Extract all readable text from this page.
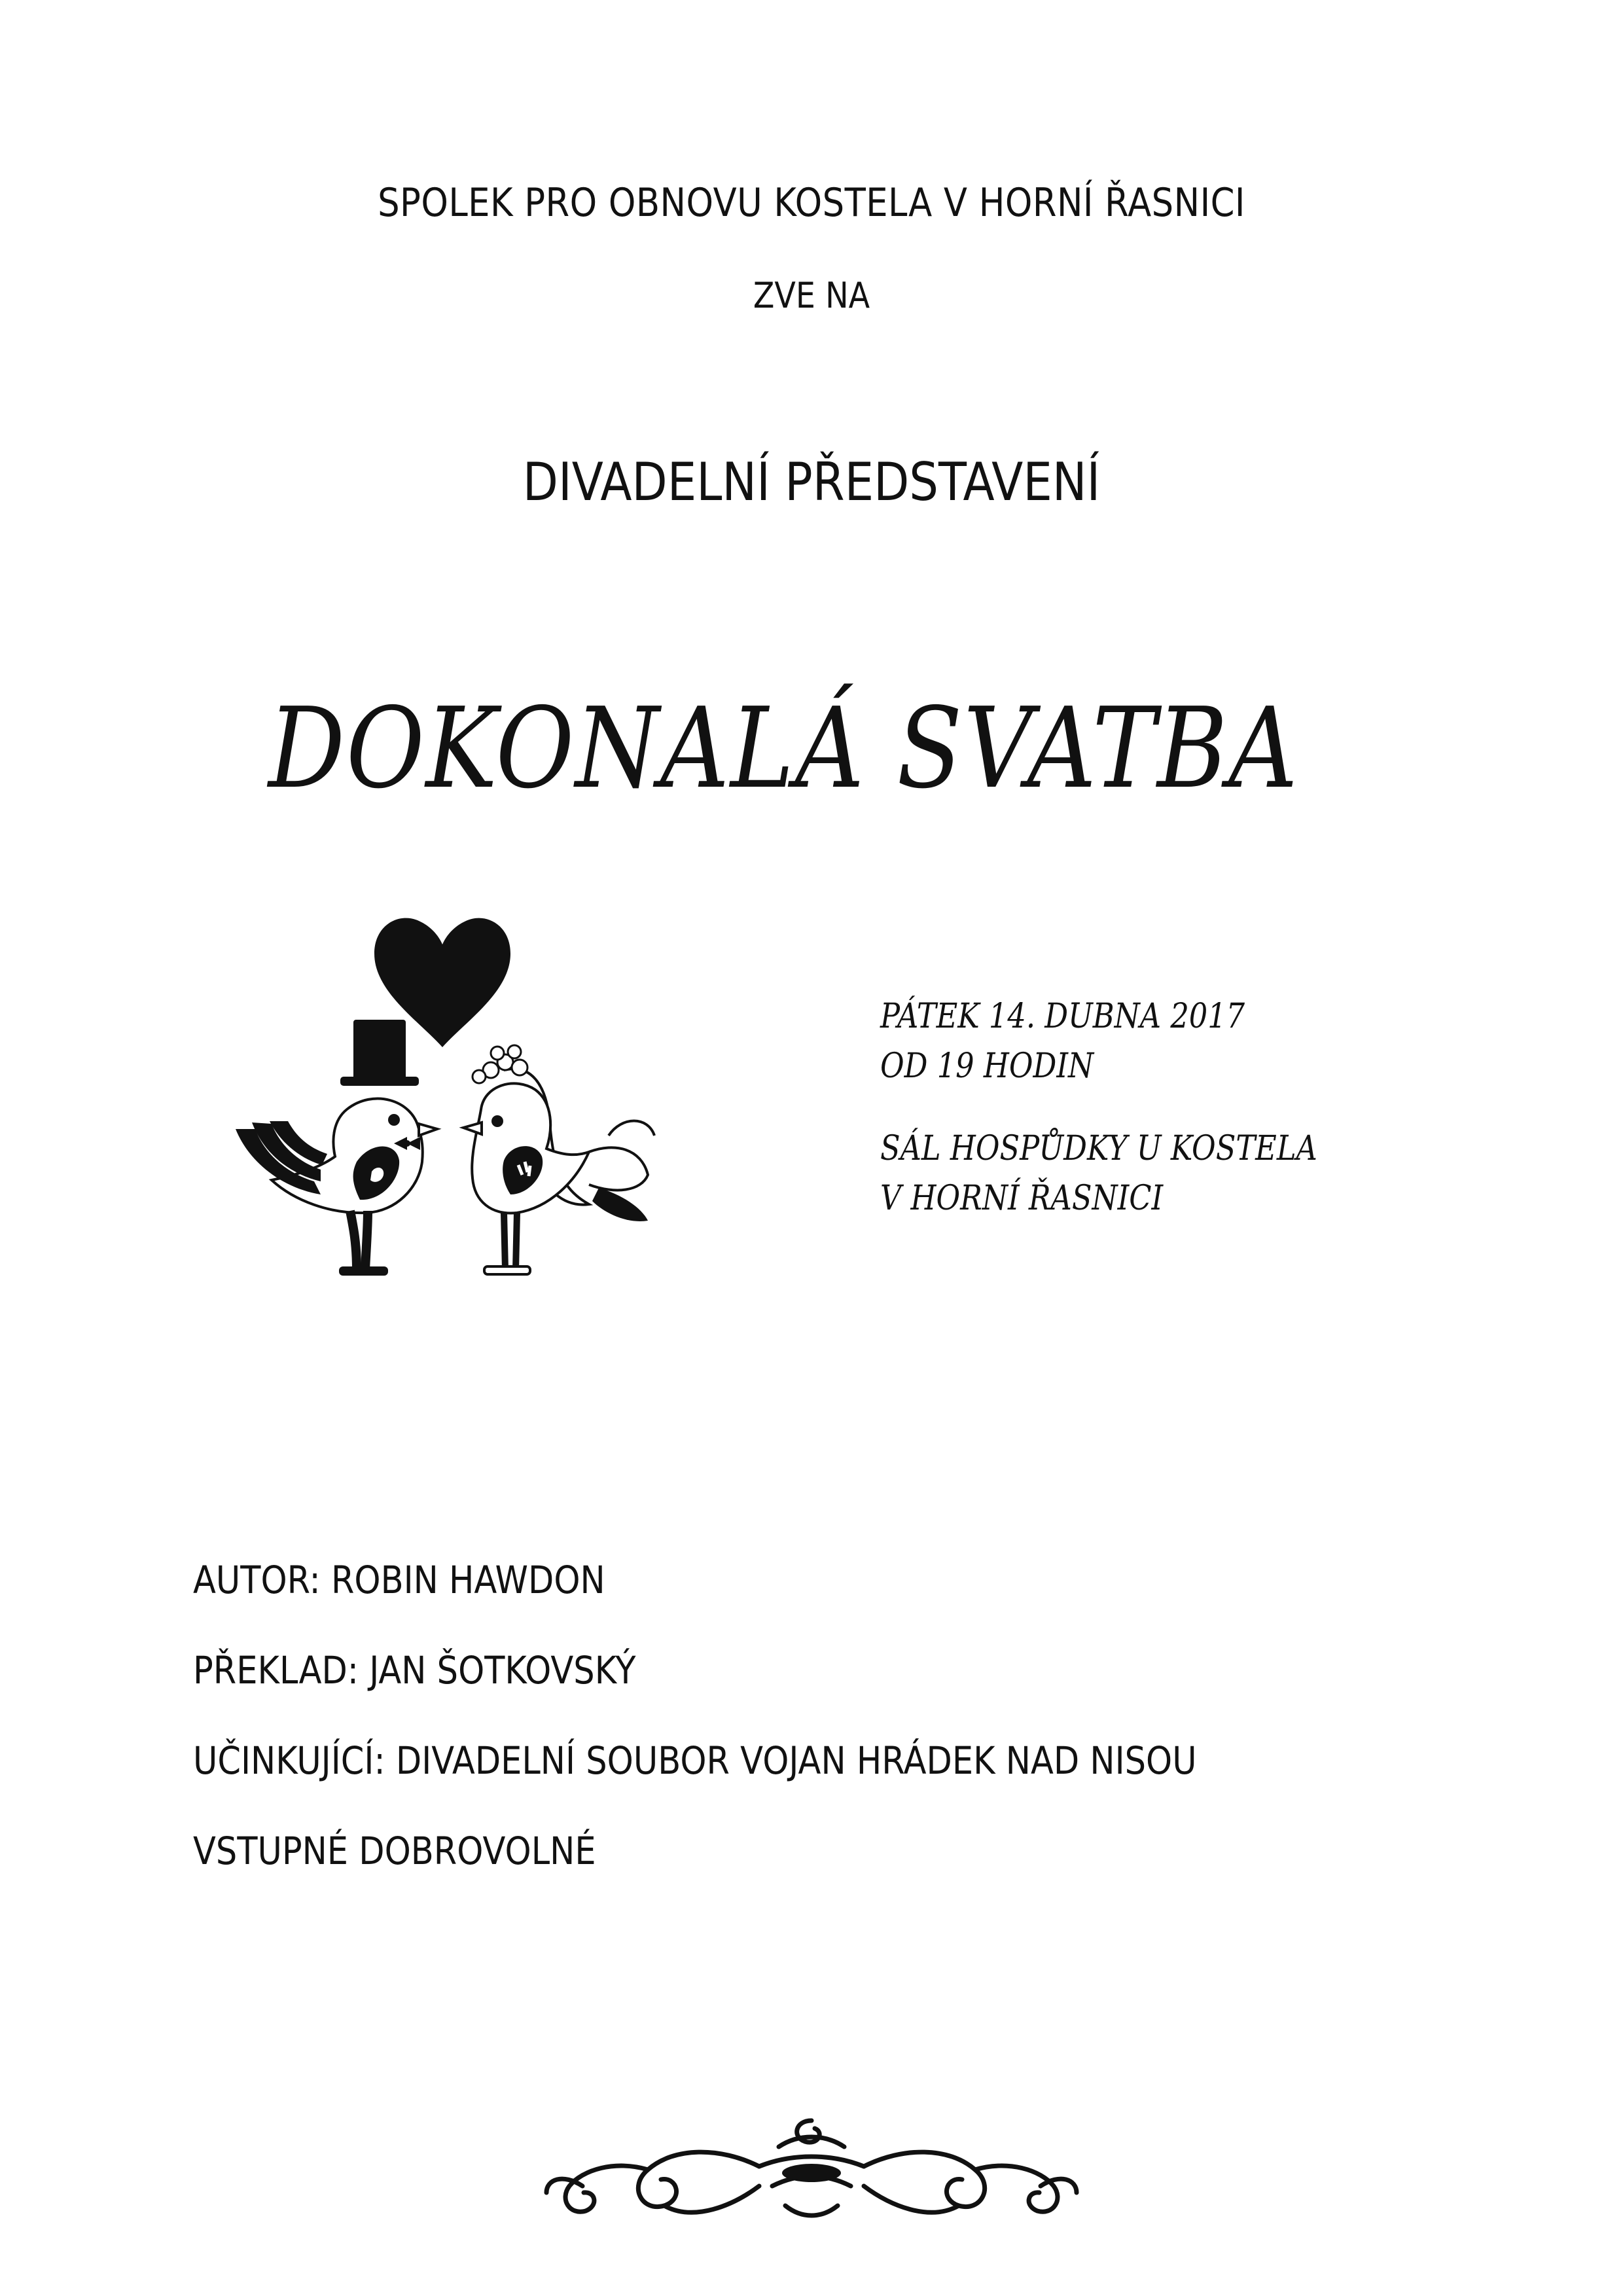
SPOLEK PRO OBNOVU KOSTELA V HORNÍ ŘASNICI
ZVE NA
DIVADELNÍ PŘEDSTAVENÍ
DOKONALÁ SVATBA
PÁTEK 14. DUBNA 2017
OD 19 HODIN
SÁL HOSPŮDKY U KOSTELA
V HORNÍ ŘASNICI
AUTOR: ROBIN HAWDON
PŘEKLAD: JAN ŠOTKOVSKÝ
UČINKUJÍCÍ: DIVADELNÍ SOUBOR VOJAN HRÁDEK NAD NISOU
VSTUPNÉ DOBROVOLNÉ
